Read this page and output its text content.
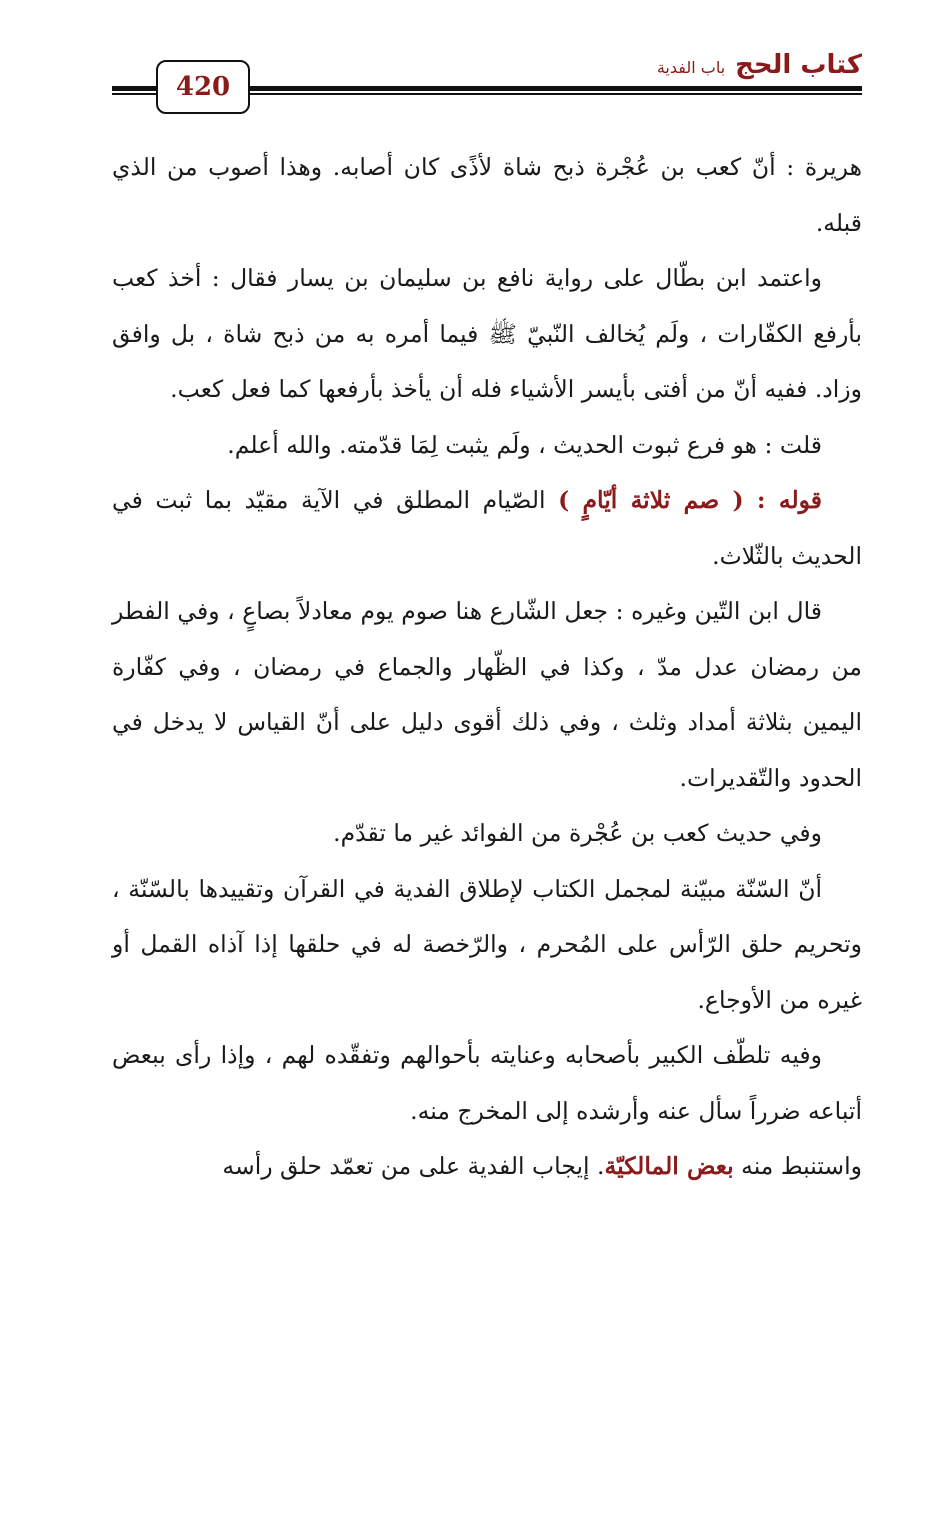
كتاب الحج
باب الفدية
420

هريرة : أنّ كعب بن عُجْرة ذبح شاة لأذًى كان أصابه. وهذا أصوب من الذي قبله.

واعتمد ابن بطّال على رواية نافع بن سليمان بن يسار فقال : أخذ كعب بأرفع الكفّارات ، ولَم يُخالف النّبيّ ﷺ فيما أمره به من ذبح شاة ، بل وافق وزاد. ففيه أنّ من أفتى بأيسر الأشياء فله أن يأخذ بأرفعها كما فعل كعب.

قلت : هو فرع ثبوت الحديث ، ولَم يثبت لِمَا قدّمته. والله أعلم.

قوله : ( صم ثلاثة أيّامٍ ) الصّيام المطلق في الآية مقيّد بما ثبت في الحديث بالثّلاث.

قال ابن التّين وغيره : جعل الشّارع هنا صوم يوم معادلاً بصاعٍ ، وفي الفطر من رمضان عدل مدّ ، وكذا في الظّهار والجماع في رمضان ، وفي كفّارة اليمين بثلاثة أمداد وثلث ، وفي ذلك أقوى دليل على أنّ القياس لا يدخل في الحدود والتّقديرات.

وفي حديث كعب بن عُجْرة من الفوائد غير ما تقدّم.

أنّ السّنّة مبيّنة لمجمل الكتاب لإطلاق الفدية في القرآن وتقييدها بالسّنّة ، وتحريم حلق الرّأس على المُحرم ، والرّخصة له في حلقها إذا آذاه القمل أو غيره من الأوجاع.

وفيه تلطّف الكبير بأصحابه وعنايته بأحوالهم وتفقّده لهم ، وإذا رأى ببعض أتباعه ضرراً سأل عنه وأرشده إلى المخرج منه.

واستنبط منه بعض المالكيّة. إيجاب الفدية على من تعمّد حلق رأسه
